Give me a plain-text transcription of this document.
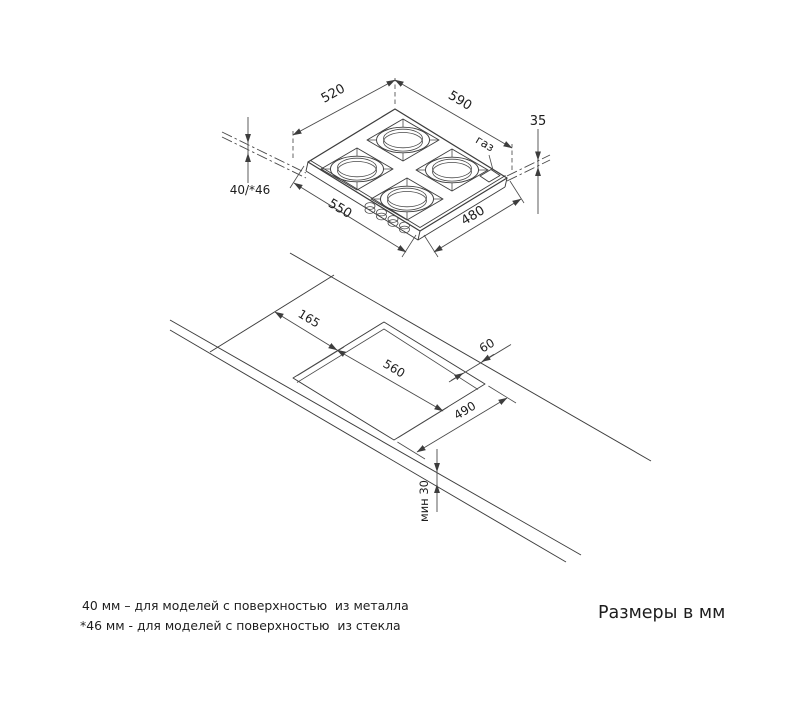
520	590
газ
35
40/*46
550	480
165
560
60
490
мин 30
40 мм – для моделей с поверхностью  из металла
*46 мм - для моделей с поверхностью  из стекла
Размеры в мм
